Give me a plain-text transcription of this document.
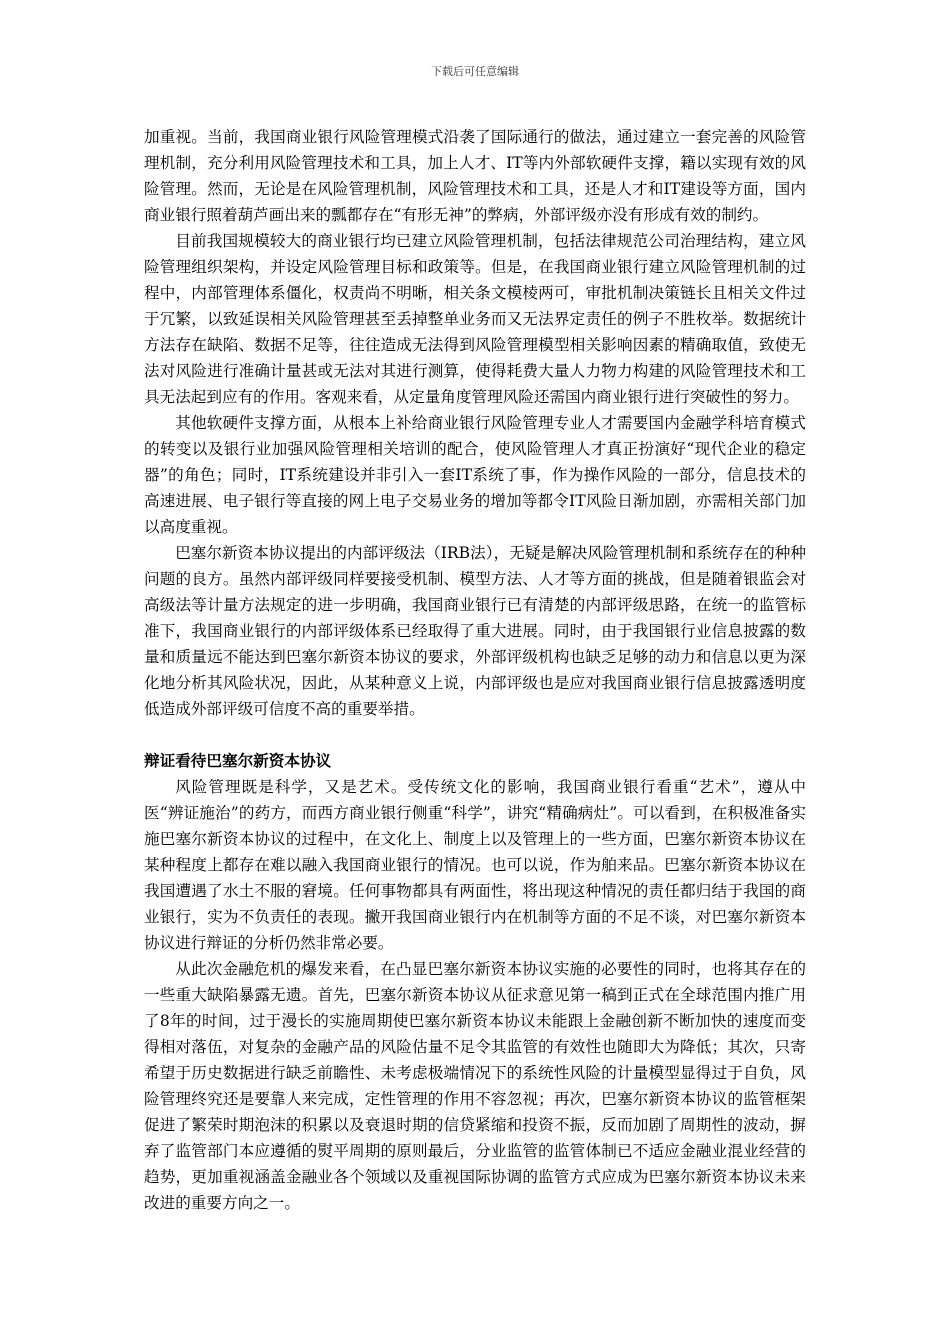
下载后可任意编辑

加重视。当前，我国商业银行风险管理模式沿袭了国际通行的做法，通过建立一套完善的风险管理机制，充分利用风险管理技术和工具，加上人才、IT等内外部软硬件支撑，籍以实现有效的风险管理。然而，无论是在风险管理机制，风险管理技术和工具，还是人才和IT建设等方面，国内商业银行照着葫芦画出来的瓢都存在“有形无神”的弊病，外部评级亦没有形成有效的制约。

目前我国规模较大的商业银行均已建立风险管理机制，包括法律规范公司治理结构，建立风险管理组织架构，并设定风险管理目标和政策等。但是，在我国商业银行建立风险管理机制的过程中，内部管理体系僵化，权责尚不明晰，相关条文模棱两可，审批机制决策链长且相关文件过于冗繁，以致延误相关风险管理甚至丢掉整单业务而又无法界定责任的例子不胜枚举。数据统计方法存在缺陷、数据不足等，往往造成无法得到风险管理模型相关影响因素的精确取值，致使无法对风险进行准确计量甚或无法对其进行测算，使得耗费大量人力物力构建的风险管理技术和工具无法起到应有的作用。客观来看，从定量角度管理风险还需国内商业银行进行突破性的努力。

其他软硬件支撑方面，从根本上补给商业银行风险管理专业人才需要国内金融学科培育模式的转变以及银行业加强风险管理相关培训的配合，使风险管理人才真正扮演好“现代企业的稳定器”的角色；同时，IT系统建设并非引入一套IT系统了事，作为操作风险的一部分，信息技术的高速进展、电子银行等直接的网上电子交易业务的增加等都令IT风险日渐加剧，亦需相关部门加以高度重视。

巴塞尔新资本协议提出的内部评级法（IRB法），无疑是解决风险管理机制和系统存在的种种问题的良方。虽然内部评级同样要接受机制、模型方法、人才等方面的挑战，但是随着银监会对高级法等计量方法规定的进一步明确，我国商业银行已有清楚的内部评级思路，在统一的监管标准下，我国商业银行的内部评级体系已经取得了重大进展。同时，由于我国银行业信息披露的数量和质量远不能达到巴塞尔新资本协议的要求，外部评级机构也缺乏足够的动力和信息以更为深化地分析其风险状况，因此，从某种意义上说，内部评级也是应对我国商业银行信息披露透明度低造成外部评级可信度不高的重要举措。

辩证看待巴塞尔新资本协议

风险管理既是科学，又是艺术。受传统文化的影响，我国商业银行看重“艺术”，遵从中医“辨证施治”的药方，而西方商业银行侧重“科学”，讲究“精确病灶”。可以看到，在积极准备实施巴塞尔新资本协议的过程中，在文化上、制度上以及管理上的一些方面，巴塞尔新资本协议在某种程度上都存在难以融入我国商业银行的情况。也可以说，作为舶来品。巴塞尔新资本协议在我国遭遇了水土不服的窘境。任何事物都具有两面性，将出现这种情况的责任都归结于我国的商业银行，实为不负责任的表现。撇开我国商业银行内在机制等方面的不足不谈，对巴塞尔新资本协议进行辩证的分析仍然非常必要。

从此次金融危机的爆发来看，在凸显巴塞尔新资本协议实施的必要性的同时，也将其存在的一些重大缺陷暴露无遗。首先，巴塞尔新资本协议从征求意见第一稿到正式在全球范围内推广用了8年的时间，过于漫长的实施周期使巴塞尔新资本协议未能跟上金融创新不断加快的速度而变得相对落伍，对复杂的金融产品的风险估量不足令其监管的有效性也随即大为降低；其次，只寄希望于历史数据进行缺乏前瞻性、未考虑极端情况下的系统性风险的计量模型显得过于自负，风险管理终究还是要靠人来完成，定性管理的作用不容忽视；再次，巴塞尔新资本协议的监管框架促进了繁荣时期泡沫的积累以及衰退时期的信贷紧缩和投资不振，反而加剧了周期性的波动，摒弃了监管部门本应遵循的熨平周期的原则最后，分业监管的监管体制已不适应金融业混业经营的趋势，更加重视涵盖金融业各个领域以及重视国际协调的监管方式应成为巴塞尔新资本协议未来改进的重要方向之一。
